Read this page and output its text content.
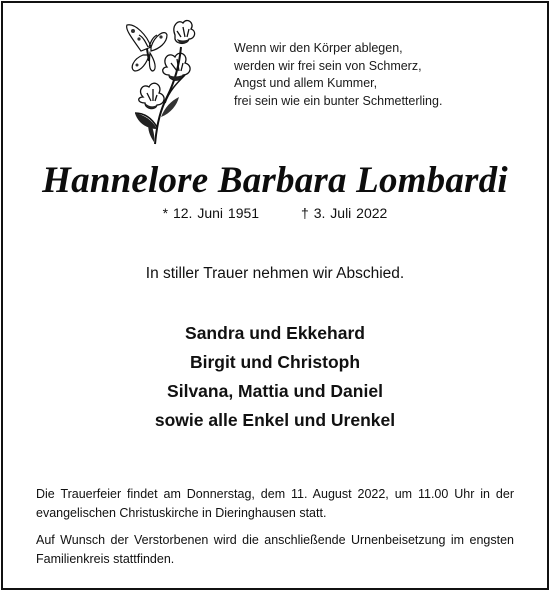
Wenn wir den Körper ablegen,
werden wir frei sein von Schmerz,
Angst und allem Kummer,
frei sein wie ein bunter Schmetterling.
Hannelore Barbara Lombardi
* 12. Juni 1951	† 3. Juli 2022
In stiller Trauer nehmen wir Abschied.
Sandra und Ekkehard
Birgit und Christoph
Silvana, Mattia und Daniel
sowie alle Enkel und Urenkel
Die Trauerfeier findet am Donnerstag, dem 11. August 2022, um 11.00 Uhr in der evangelischen Christuskirche in Dieringhausen statt.
Auf Wunsch der Verstorbenen wird die anschließende Urnenbeisetzung im engsten Familienkreis stattfinden.
